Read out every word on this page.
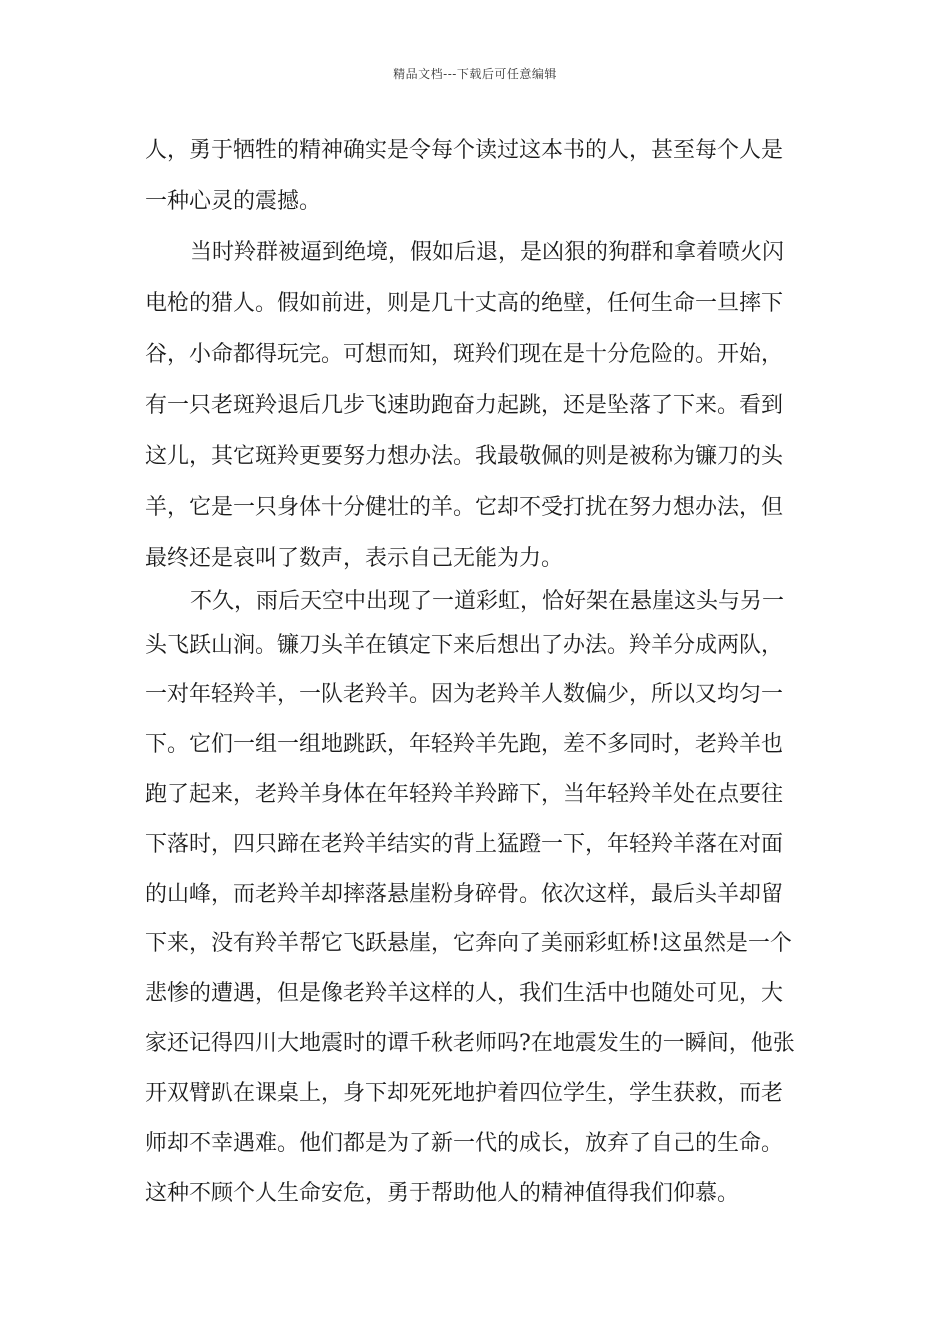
精品文档---下载后可任意编辑
人，勇于牺牲的精神确实是令每个读过这本书的人，甚至每个人是
一种心灵的震撼。
当时羚群被逼到绝境，假如后退，是凶狠的狗群和拿着喷火闪
电枪的猎人。假如前进，则是几十丈高的绝壁，任何生命一旦摔下
谷，小命都得玩完。可想而知，斑羚们现在是十分危险的。开始，
有一只老斑羚退后几步飞速助跑奋力起跳，还是坠落了下来。看到
这儿，其它斑羚更要努力想办法。我最敬佩的则是被称为镰刀的头
羊，它是一只身体十分健壮的羊。它却不受打扰在努力想办法，但
最终还是哀叫了数声，表示自己无能为力。
不久，雨后天空中出现了一道彩虹，恰好架在悬崖这头与另一
头飞跃山涧。镰刀头羊在镇定下来后想出了办法。羚羊分成两队，
一对年轻羚羊，一队老羚羊。因为老羚羊人数偏少，所以又均匀一
下。它们一组一组地跳跃，年轻羚羊先跑，差不多同时，老羚羊也
跑了起来，老羚羊身体在年轻羚羊羚蹄下，当年轻羚羊处在点要往
下落时，四只蹄在老羚羊结实的背上猛蹬一下，年轻羚羊落在对面
的山峰，而老羚羊却摔落悬崖粉身碎骨。依次这样，最后头羊却留
下来，没有羚羊帮它飞跃悬崖，它奔向了美丽彩虹桥!这虽然是一个
悲惨的遭遇，但是像老羚羊这样的人，我们生活中也随处可见，大
家还记得四川大地震时的谭千秋老师吗?在地震发生的一瞬间，他张
开双臂趴在课桌上，身下却死死地护着四位学生，学生获救，而老
师却不幸遇难。他们都是为了新一代的成长，放弃了自己的生命。
这种不顾个人生命安危，勇于帮助他人的精神值得我们仰慕。
